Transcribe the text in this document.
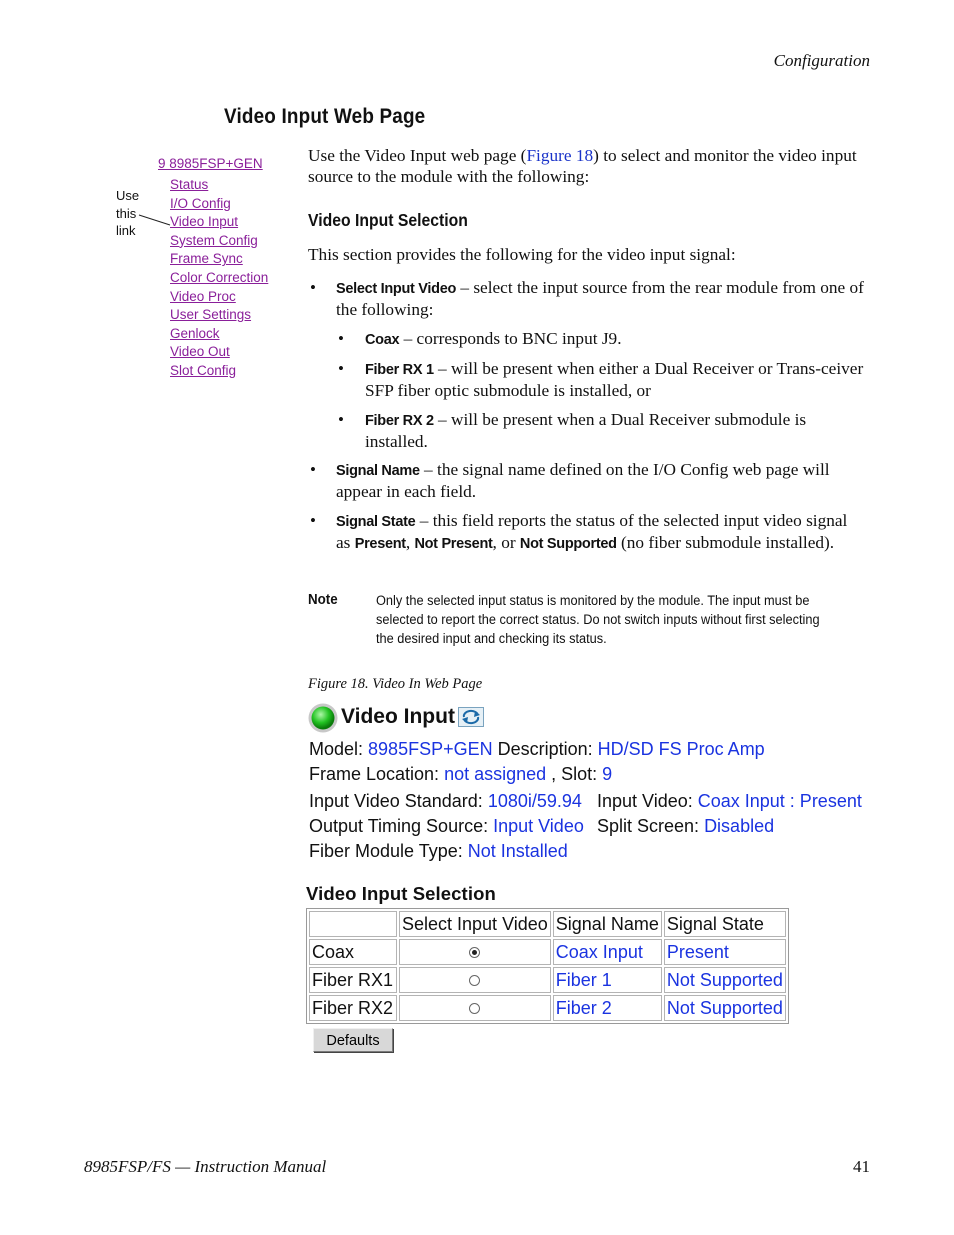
Configuration
Video Input Web Page
9 8985FSP+GEN
Status
I/O Config
Video Input
System Config
Frame Sync
Color Correction
Video Proc
User Settings
Genlock
Video Out
Slot Config
Use
this
link
Use the Video Input web page (Figure 18) to select and monitor the video input source to the module with the following:
Video Input Selection
This section provides the following for the video input signal:
• Select Input Video – select the input source from the rear module from one of the following:
• Coax – corresponds to BNC input J9.
• Fiber RX 1 – will be present when either a Dual Receiver or Trans-ceiver SFP fiber optic submodule is installed, or
• Fiber RX 2 – will be present when a Dual Receiver submodule is installed.
• Signal Name – the signal name defined on the I/O Config web page will appear in each field.
• Signal State – this field reports the status of the selected input video signal as Present, Not Present, or Not Supported (no fiber submodule installed).
Note	Only the selected input status is monitored by the module. The input must be selected to report the correct status. Do not switch inputs without first selecting the desired input and checking its status.
Figure 18. Video In Web Page
Video Input
Model: 8985FSP+GEN Description: HD/SD FS Proc Amp
Frame Location: not assigned , Slot: 9
Input Video Standard: 1080i/59.94 Input Video: Coax Input : Present
Output Timing Source: Input Video Split Screen: Disabled
Fiber Module Type: Not Installed
Video Input Selection
	Select Input Video	Signal Name	Signal State
Coax		Coax Input	Present
Fiber RX1		Fiber 1	Not Supported
Fiber RX2		Fiber 2	Not Supported
Defaults
8985FSP/FS — Instruction Manual	41
